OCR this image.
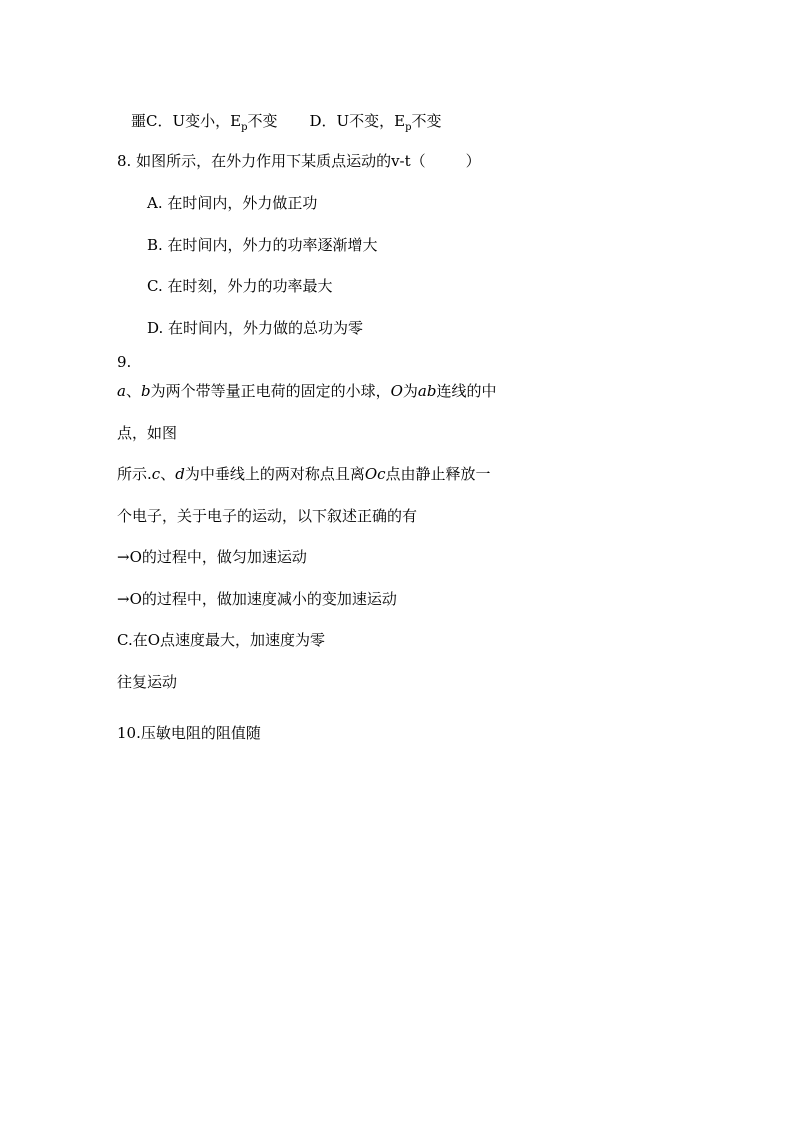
噩C．U变小，$E_p$不变 D．U不变，$E_p$不变
8. 如图所示，在外力作用下某质点运动的v-t（	）
A. 在时间内，外力做正功
B. 在时间内，外力的功率逐渐增大
C. 在时刻，外力的功率最大
D. 在时间内，外力做的总功为零
9.
a、b为两个带等量正电荷的固定的小球，O为ab连线的中
点，如图
所示.c、d为中垂线上的两对称点且离Oc点由静止释放一
个电子，关于电子的运动，以下叙述正确的有
→O的过程中，做匀加速运动
→O的过程中，做加速度减小的变加速运动
C.在O点速度最大，加速度为零
往复运动
10.压敏电阻的阻值随
